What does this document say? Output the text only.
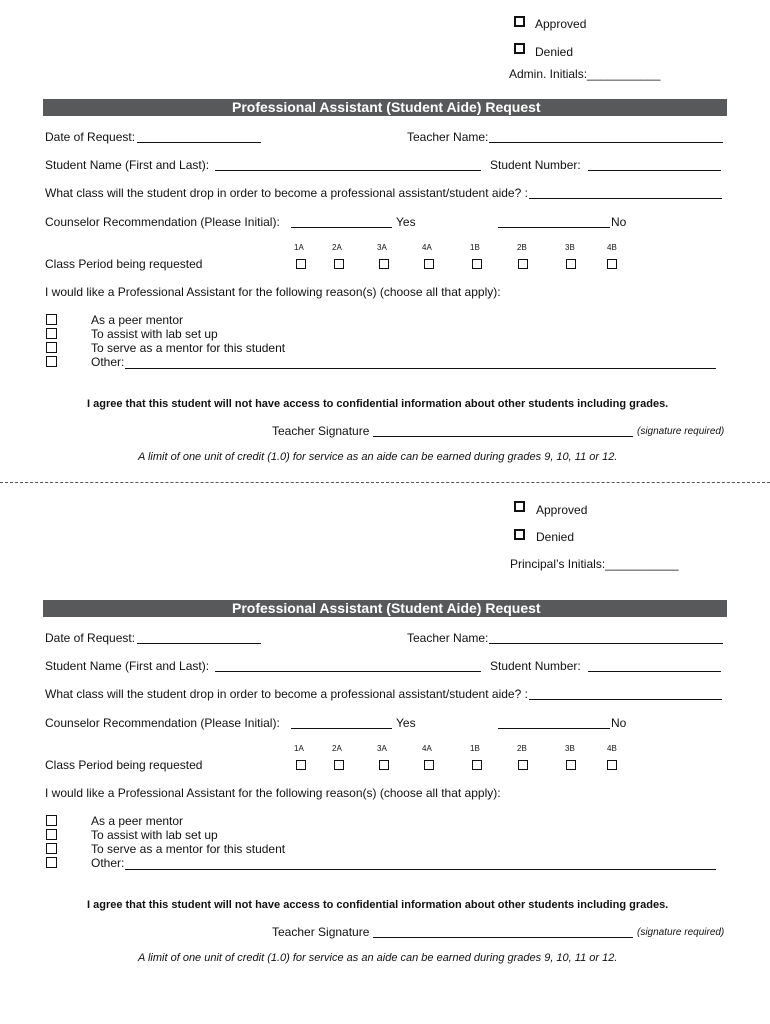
Approved
Denied
Admin. Initials:___________
Professional Assistant (Student Aide) Request
Date of Request:	Teacher Name:
Student Name (First and Last):	Student Number:
What class will the student drop in order to become a professional assistant/student aide? :
Counselor Recommendation (Please Initial):	Yes	No
1A	2A	3A	4A	1B	2B	3B	4B
Class Period being requested
I would like a Professional Assistant for the following reason(s) (choose all that apply):
As a peer mentor
To assist with lab set up
To serve as a mentor for this student
Other:
I agree that this student will not have access to confidential information about other students including grades.
Teacher Signature	(signature required)
A limit of one unit of credit (1.0) for service as an aide can be earned during grades 9, 10, 11 or 12.
Approved
Denied
Principal’s Initials:___________
Professional Assistant (Student Aide) Request
Date of Request:	Teacher Name:
Student Name (First and Last):	Student Number:
What class will the student drop in order to become a professional assistant/student aide? :
Counselor Recommendation (Please Initial):	Yes	No
1A	2A	3A	4A	1B	2B	3B	4B
Class Period being requested
I would like a Professional Assistant for the following reason(s) (choose all that apply):
As a peer mentor
To assist with lab set up
To serve as a mentor for this student
Other:
I agree that this student will not have access to confidential information about other students including grades.
Teacher Signature	(signature required)
A limit of one unit of credit (1.0) for service as an aide can be earned during grades 9, 10, 11 or 12.
